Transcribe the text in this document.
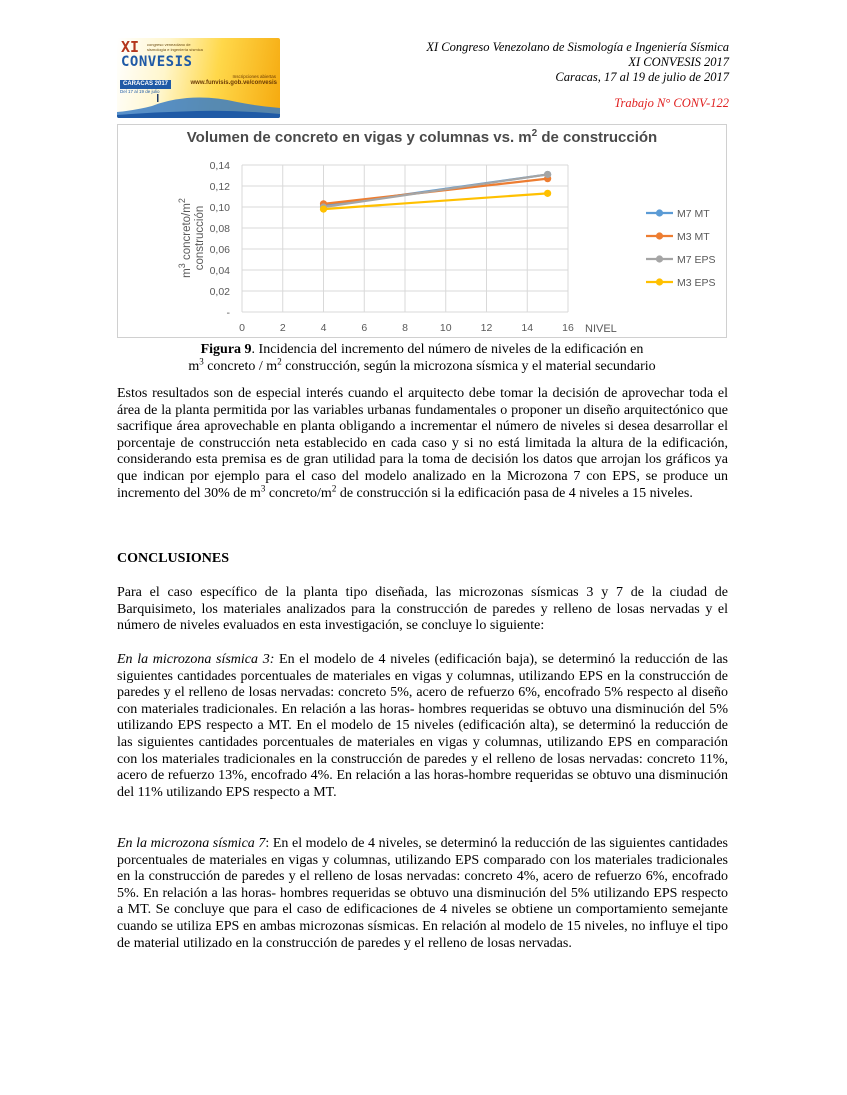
XI
CONVESIS
congreso venezolano de sismología e ingeniería sísmica
CARACAS 2017
Del 17 al 19 de julio
Inscripciones abiertas
www.funvisis.gob.ve/convesis
XI Congreso Venezolano de Sismología e Ingeniería Sísmica
XI CONVESIS 2017
Caracas, 17 al 19 de julio de 2017
Trabajo N° CONV-122
Volumen de concreto en vigas y columnas vs. $m^2$ de construcción
$m^3$ concreto/$m^2$
construcción
-
0,02
0,04
0,06
0,08
0,10
0,12
0,14
0	2	4	6	8	10	12	14	16 NIVEL
M7 MT
M3 MT
M7 EPS
M3 EPS
Figura 9. Incidencia del incremento del número de niveles de la edificación en
$m^3$ concreto / $m^2$ construcción, según la microzona sísmica y el material secundario

Estos resultados son de especial interés cuando el arquitecto debe tomar la decisión de aprovechar toda el área de la planta permitida por las variables urbanas fundamentales o proponer un diseño arquitectónico que sacrifique área aprovechable en planta obligando a incrementar el número de niveles si desea desarrollar el porcentaje de construcción neta establecido en cada caso y si no está limitada la altura de la edificación, considerando esta premisa es de gran utilidad para la toma de decisión los datos que arrojan los gráficos ya que indican por ejemplo para el caso del modelo analizado en la Microzona 7 con EPS, se produce un incremento del 30% de $m^3$ concreto/$m^2$ de construcción si la edificación pasa de 4 niveles a 15 niveles.

CONCLUSIONES

Para el caso específico de la planta tipo diseñada, las microzonas sísmicas 3 y 7 de la ciudad de Barquisimeto, los materiales analizados para la construcción de paredes y relleno de losas nervadas y el número de niveles evaluados en esta investigación, se concluye lo siguiente:

En la microzona sísmica 3: En el modelo de 4 niveles (edificación baja), se determinó la reducción de las siguientes cantidades porcentuales de materiales en vigas y columnas, utilizando EPS en la construcción de paredes y el relleno de losas nervadas: concreto 5%, acero de refuerzo 6%, encofrado 5% respecto al diseño con materiales tradicionales. En relación a las horas- hombres requeridas se obtuvo una disminución del 5% utilizando EPS respecto a MT. En el modelo de 15 niveles (edificación alta), se determinó la reducción de las siguientes cantidades porcentuales de materiales en vigas y columnas, utilizando EPS en comparación con los materiales tradicionales en la construcción de paredes y el relleno de losas nervadas: concreto 11%, acero de refuerzo 13%, encofrado 4%. En relación a las horas-hombre requeridas se obtuvo una disminución del 11% utilizando EPS respecto a MT.

En la microzona sísmica 7: En el modelo de 4 niveles, se determinó la reducción de las siguientes cantidades porcentuales de materiales en vigas y columnas, utilizando EPS comparado con los materiales tradicionales en la construcción de paredes y el relleno de losas nervadas: concreto 4%, acero de refuerzo 6%, encofrado 5%. En relación a las horas- hombres requeridas se obtuvo una disminución del 5% utilizando EPS respecto a MT. Se concluye que para el caso de edificaciones de 4 niveles se obtiene un comportamiento semejante cuando se utiliza EPS en ambas microzonas sísmicas. En relación al modelo de 15 niveles, no influye el tipo de material utilizado en la construcción de paredes y el relleno de losas nervadas.
